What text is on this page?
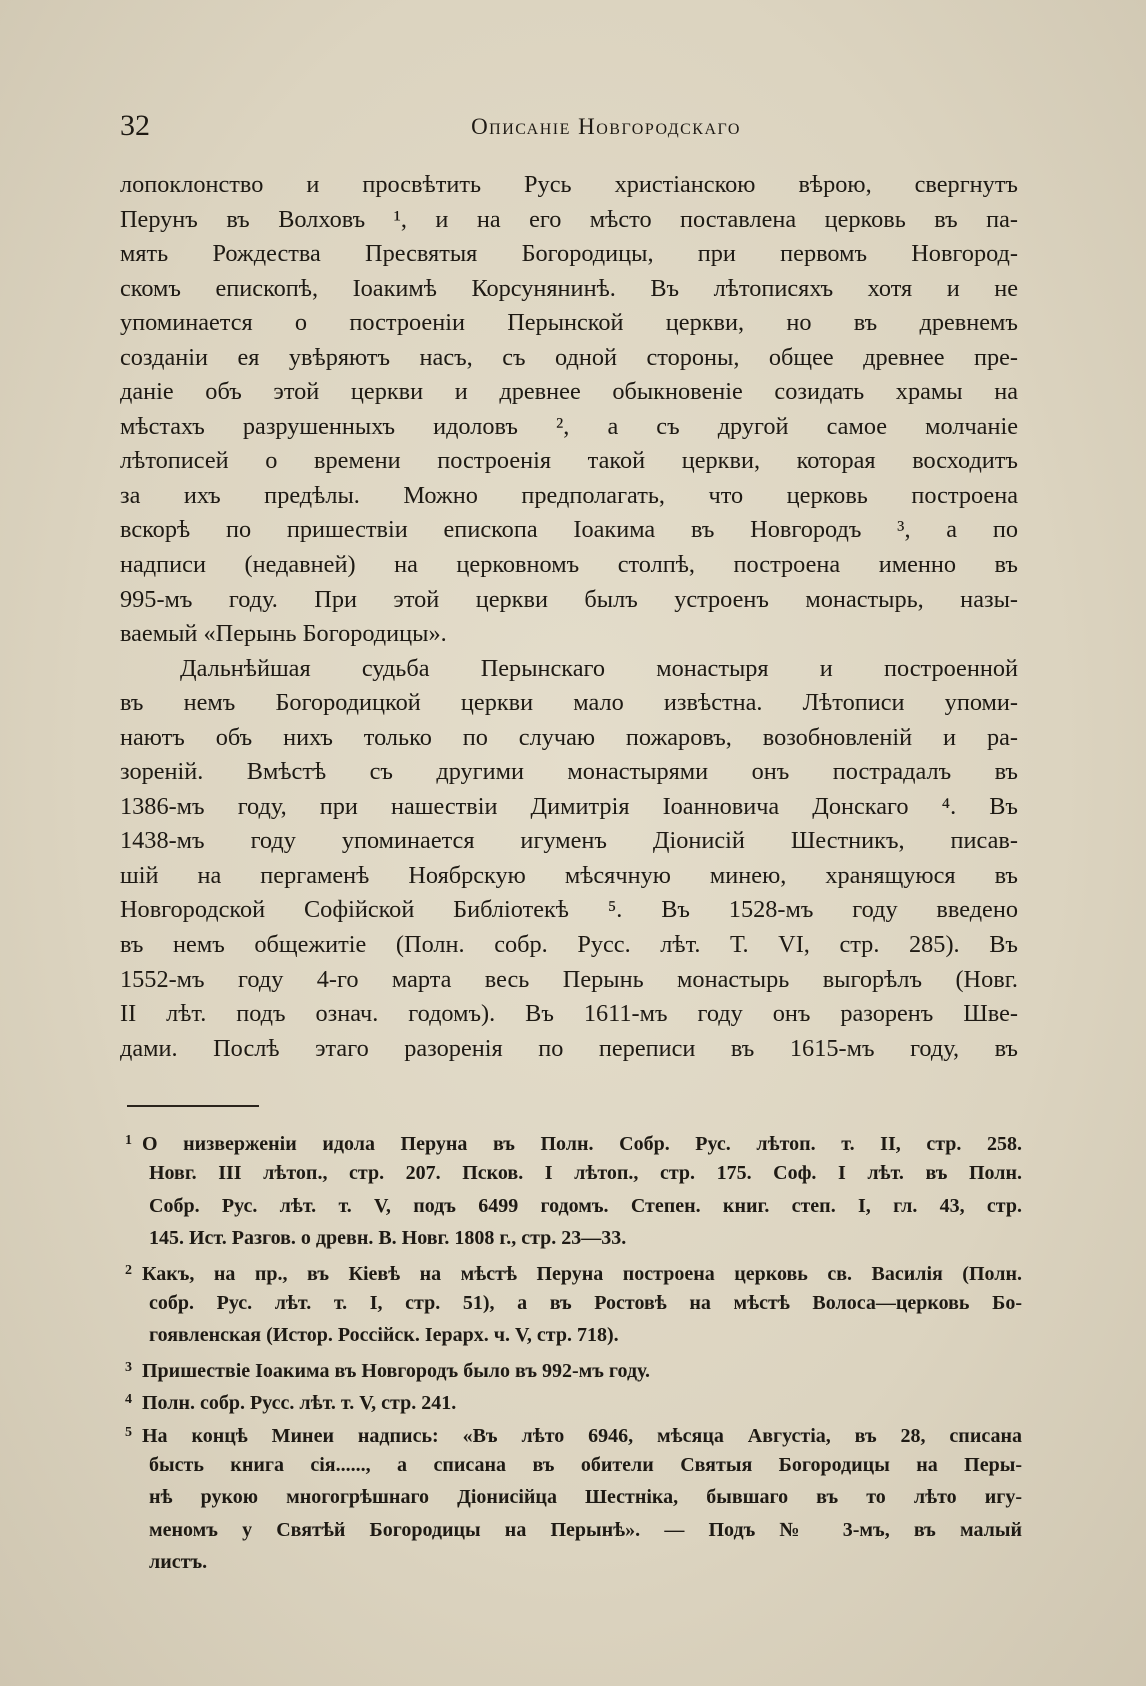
32	Описаніе Новгородскаго
лопоклонство и просвѣтить Русь христіанскою вѣрою, свергнутъ
Перунъ въ Волховъ ¹, и на его мѣсто поставлена церковь въ па-
мять Рождества Пресвятыя Богородицы, при первомъ Новгород-
скомъ епископѣ, Іоакимѣ Корсунянинѣ. Въ лѣтописяхъ хотя и не
упоминается о построеніи Перынской церкви, но въ древнемъ
созданіи ея увѣряютъ насъ, съ одной стороны, общее древнее пре-
даніе объ этой церкви и древнее обыкновеніе созидать храмы на
мѣстахъ разрушенныхъ идоловъ ², а съ другой самое молчаніе
лѣтописей о времени построенія такой церкви, которая восходитъ
за ихъ предѣлы. Можно предполагать, что церковь построена
вскорѣ по пришествіи епископа Іоакима въ Новгородъ ³, а по
надписи (недавней) на церковномъ столпѣ, построена именно въ
995-мъ году. При этой церкви былъ устроенъ монастырь, назы-
ваемый «Перынь Богородицы».
Дальнѣйшая судьба Перынскаго монастыря и построенной
въ немъ Богородицкой церкви мало извѣстна. Лѣтописи упоми-
наютъ объ нихъ только по случаю пожаровъ, возобновленій и ра-
зореній. Вмѣстѣ съ другими монастырями онъ пострадалъ въ
1386-мъ году, при нашествіи Димитрія Іоанновича Донскаго ⁴. Въ
1438-мъ году упоминается игуменъ Діонисій Шестникъ, писав-
шій на пергаменѣ Ноябрскую мѣсячную минею, хранящуюся въ
Новгородской Софійской Библіотекѣ ⁵. Въ 1528-мъ году введено
въ немъ общежитіе (Полн. собр. Русс. лѣт. Т. VI, стр. 285). Въ
1552-мъ году 4-го марта весь Перынь монастырь выгорѣлъ (Новг.
II лѣт. подъ означ. годомъ). Въ 1611-мъ году онъ разоренъ Шве-
дами. Послѣ этаго разоренія по переписи въ 1615-мъ году, въ
$^1$ О низверженіи идола Перуна въ Полн. Собр. Рус. лѣтоп. т. II, стр. 258.
Новг. III лѣтоп., стр. 207. Псков. I лѣтоп., стр. 175. Соф. I лѣт. въ Полн.
Собр. Рус. лѣт. т. V, подъ 6499 годомъ. Степен. книг. степ. I, гл. 43, стр.
145. Ист. Разгов. о древн. В. Новг. 1808 г., стр. 23—33.
$^2$ Какъ, на пр., въ Кіевѣ на мѣстѣ Перуна построена церковь св. Василія (Полн.
собр. Рус. лѣт. т. I, стр. 51), а въ Ростовѣ на мѣстѣ Волоса—церковь Бо-
гоявленская (Истор. Россійск. Іерарх. ч. V, стр. 718).
$^3$ Пришествіе Іоакима въ Новгородъ было въ 992-мъ году.
$^4$ Полн. собр. Русс. лѣт. т. V, стр. 241.
$^5$ На концѣ Минеи надпись: «Въ лѣто 6946, мѣсяца Августіа, въ 28, списана
бысть книга сія......, а списана въ обители Святыя Богородицы на Перы-
нѣ рукою многогрѣшнаго Діонисійца Шестніка, бывшаго въ то лѣто игу-
меномъ у Святѣй Богородицы на Перынѣ». — Подъ № 3-мъ, въ малый
листъ.
